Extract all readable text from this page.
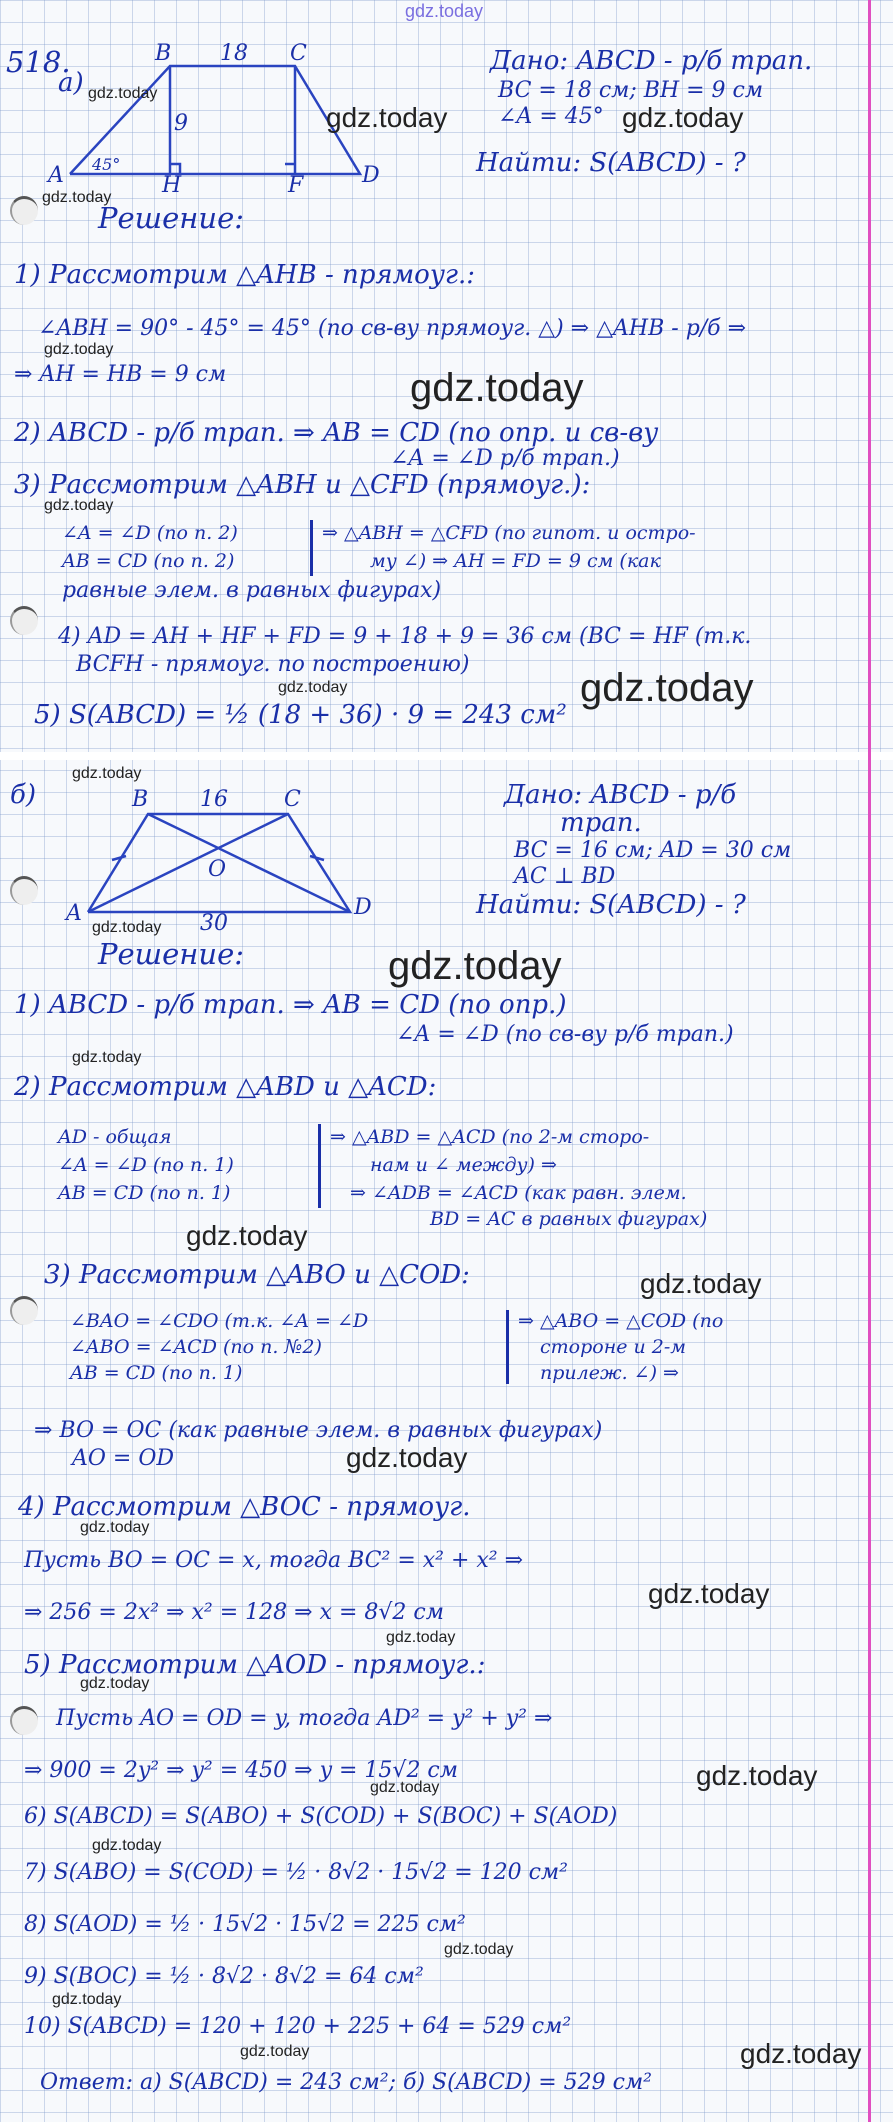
gdz.today
518.
a)
B	C
A	D
H	F
18
9
45°
gdz.today
gdz.today
Дано: ABCD - р/б трап.
BC = 18 см; BH = 9 см
∠A = 45°
gdz.today	gdz.today
Найти: S(ABCD) - ?
Решение:
1) Рассмотрим △AHB - прямоуг.:
∠ABH = 90° - 45° = 45° (по св-ву прямоуг. △) ⇒ △AHB - р/б ⇒
gdz.today
⇒ AH = HB = 9 см	gdz.today
2) ABCD - р/б трап. ⇒ AB = CD (по опр. и св-ву
∠A = ∠D р/б трап.)
3) Рассмотрим △ABH и △CFD (прямоуг.):
gdz.today
∠A = ∠D (по п. 2)
AB = CD (по п. 2)
⇒ △ABH = △CFD (по гипот. и остро-
му ∠) ⇒ AH = FD = 9 см (как
равные элем. в равных фигурах)
4) AD = AH + HF + FD = 9 + 18 + 9 = 36 см (BC = HF (т.к.
BCFH - прямоуг. по построению)
gdz.today
5) S(ABCD) = ½ (18 + 36) · 9 = 243 см²
gdz.today
б)
gdz.today
B	C
A	D
O
16
30
gdz.today
Дано: ABCD - р/б
трап.
BC = 16 см; AD = 30 см
AC ⊥ BD
Найти: S(ABCD) - ?
Решение:	gdz.today
1) ABCD - р/б трап. ⇒ AB = CD (по опр.)
∠A = ∠D (по св-ву р/б трап.)
gdz.today
2) Рассмотрим △ABD и △ACD:
AD - общая
∠A = ∠D (по п. 1)
AB = CD (по п. 1)
⇒ △ABD = △ACD (по 2-м сторо-
нам и ∠ между) ⇒
⇒ ∠ADB = ∠ACD (как равн. элем.
BD = AC в равных фигурах)
gdz.today
3) Рассмотрим △ABO и △COD:	gdz.today
∠BAO = ∠CDO (т.к. ∠A = ∠D
∠ABO = ∠ACD (по п. №2)
AB = CD (по п. 1)
⇒ △ABO = △COD (по
стороне и 2-м
прилеж. ∠) ⇒
⇒ BO = OC (как равные элем. в равных фигурах)
AO = OD	gdz.today
4) Рассмотрим △BOC - прямоуг.
gdz.today
Пусть BO = OC = x, тогда BC² = x² + x² ⇒
⇒ 256 = 2x² ⇒ x² = 128 ⇒ x = 8√2 см
gdz.today
gdz.today
5) Рассмотрим △AOD - прямоуг.:
gdz.today
Пусть AO = OD = y, тогда AD² = y² + y² ⇒
⇒ 900 = 2y² ⇒ y² = 450 ⇒ y = 15√2 см	gdz.today
gdz.today
6) S(ABCD) = S(ABO) + S(COD) + S(BOC) + S(AOD)
gdz.today
7) S(ABO) = S(COD) = ½ · 8√2 · 15√2 = 120 см²
8) S(AOD) = ½ · 15√2 · 15√2 = 225 см²
gdz.today
9) S(BOC) = ½ · 8√2 · 8√2 = 64 см²
gdz.today
10) S(ABCD) = 120 + 120 + 225 + 64 = 529 см²
gdz.today	gdz.today
Ответ: а) S(ABCD) = 243 см²; б) S(ABCD) = 529 см²
